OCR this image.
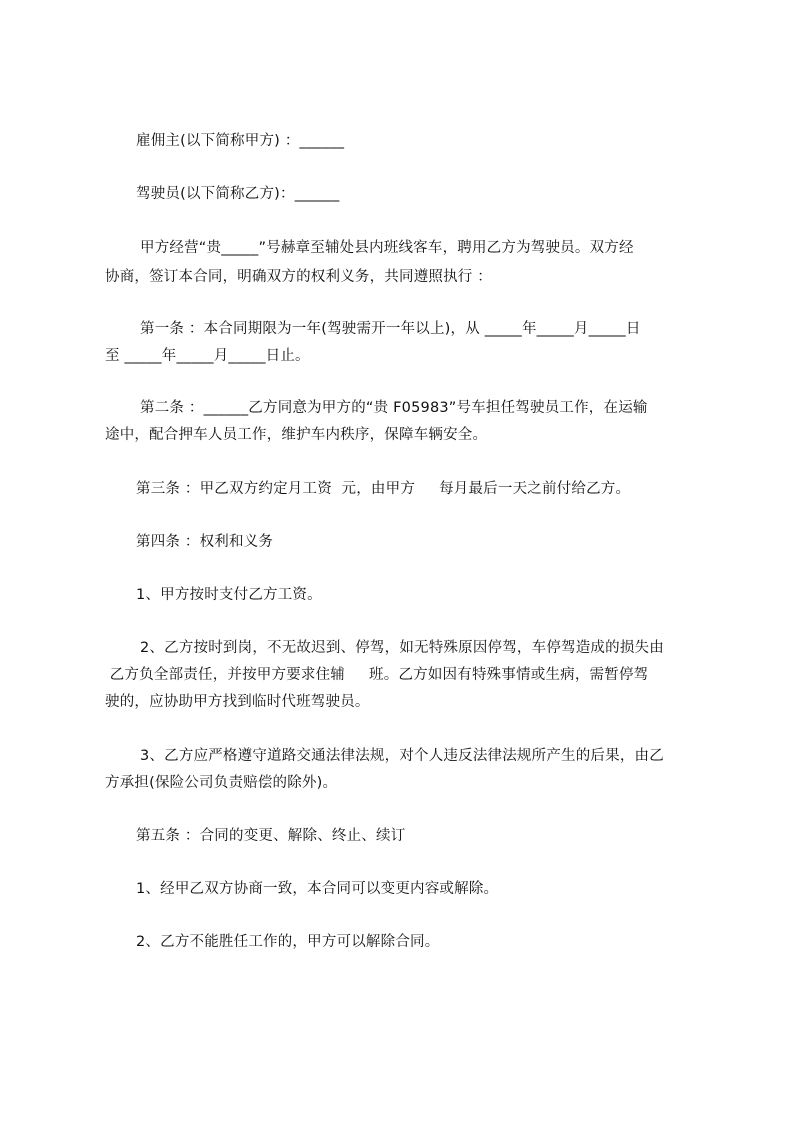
雇佣主(以下简称甲方) ：______
驾驶员(以下简称乙方)：______
甲方经营“贵_____”号赫章至辅处县内班线客车，聘用乙方为驾驶员。双方经
协商，签订本合同，明确双方的权利义务，共同遵照执行 ：
第一条 ：本合同期限为一年(驾驶需开一年以上)，从 _____年_____月_____日
至 _____年_____月_____日止。
第二条 ：______乙方同意为甲方的“贵 F05983”号车担任驾驶员工作，在运输
途中，配合押车人员工作，维护车内秩序，保障车辆安全。
第三条 ：甲乙双方约定月工资  元，由甲方     每月最后一天之前付给乙方。
第四条 ：权利和义务
1、甲方按时支付乙方工资。
2、乙方按时到岗，不无故迟到、停驾，如无特殊原因停驾，车停驾造成的损失由
乙方负全部责任，并按甲方要求住辅     班。乙方如因有特殊事情或生病，需暂停驾
驶的，应协助甲方找到临时代班驾驶员。
3、乙方应严格遵守道路交通法律法规，对个人违反法律法规所产生的后果，由乙
方承担(保险公司负责赔偿的除外)。
第五条 ：合同的变更、解除、终止、续订
1、经甲乙双方协商一致，本合同可以变更内容或解除。
2、乙方不能胜任工作的，甲方可以解除合同。
